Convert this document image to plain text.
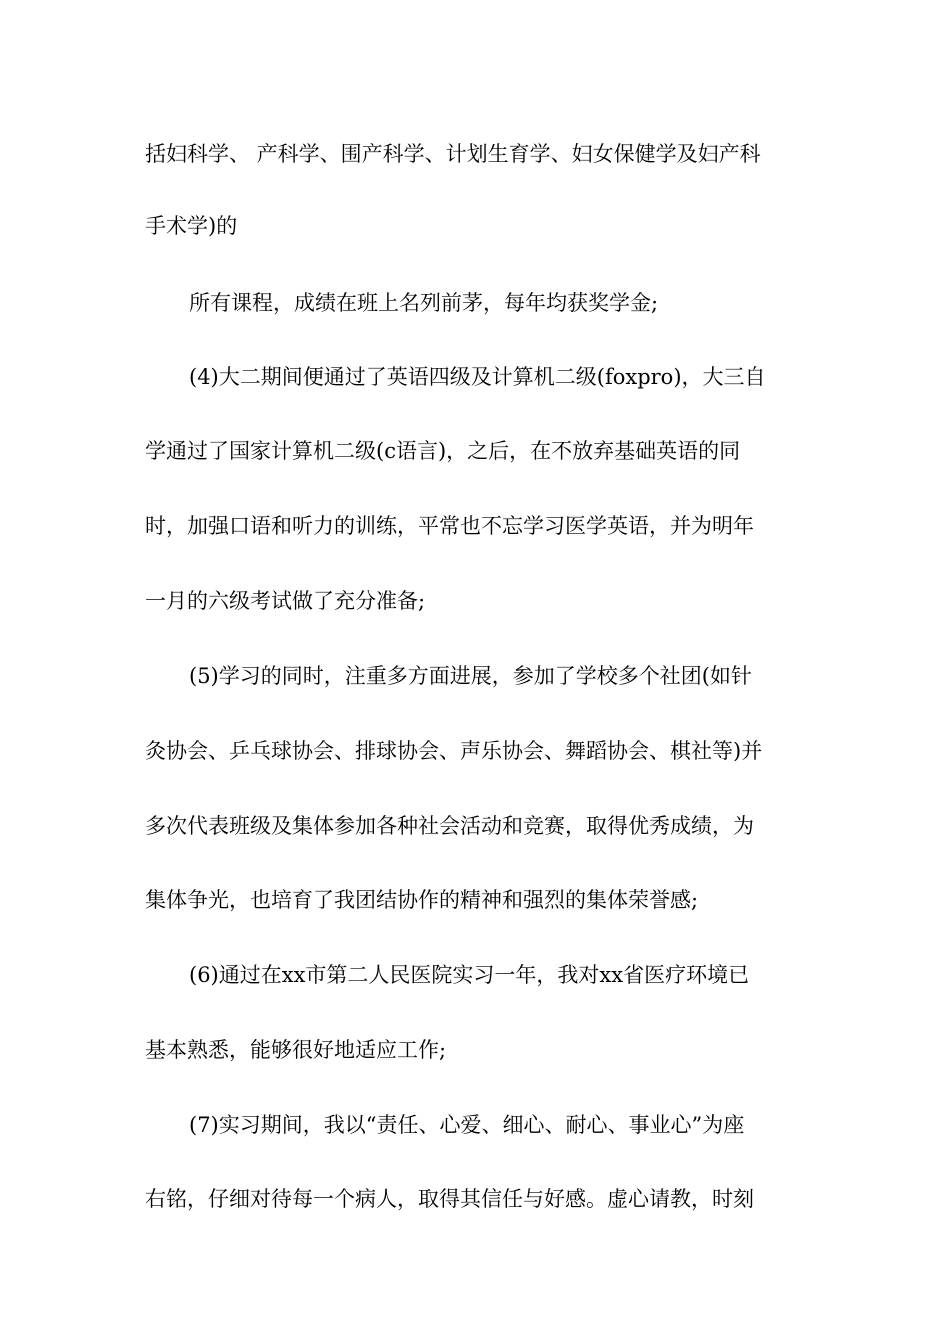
括妇科学、 产科学、围产科学、计划生育学、妇女保健学及妇产科
手术学)的
所有课程，成绩在班上名列前茅，每年均获奖学金;
(4)大二期间便通过了英语四级及计算机二级(foxpro)，大三自
学通过了国家计算机二级(c语言)，之后，在不放弃基础英语的同
时，加强口语和听力的训练，平常也不忘学习医学英语，并为明年
一月的六级考试做了充分准备;
(5)学习的同时，注重多方面进展，参加了学校多个社团(如针
灸协会、乒乓球协会、排球协会、声乐协会、舞蹈协会、棋社等)并
多次代表班级及集体参加各种社会活动和竞赛，取得优秀成绩，为
集体争光，也培育了我团结协作的精神和强烈的集体荣誉感;
(6)通过在xx市第二人民医院实习一年，我对xx省医疗环境已
基本熟悉，能够很好地适应工作;
(7)实习期间，我以“责任、心爱、细心、耐心、事业心”为座
右铭，仔细对待每一个病人，取得其信任与好感。虚心请教，时刻
